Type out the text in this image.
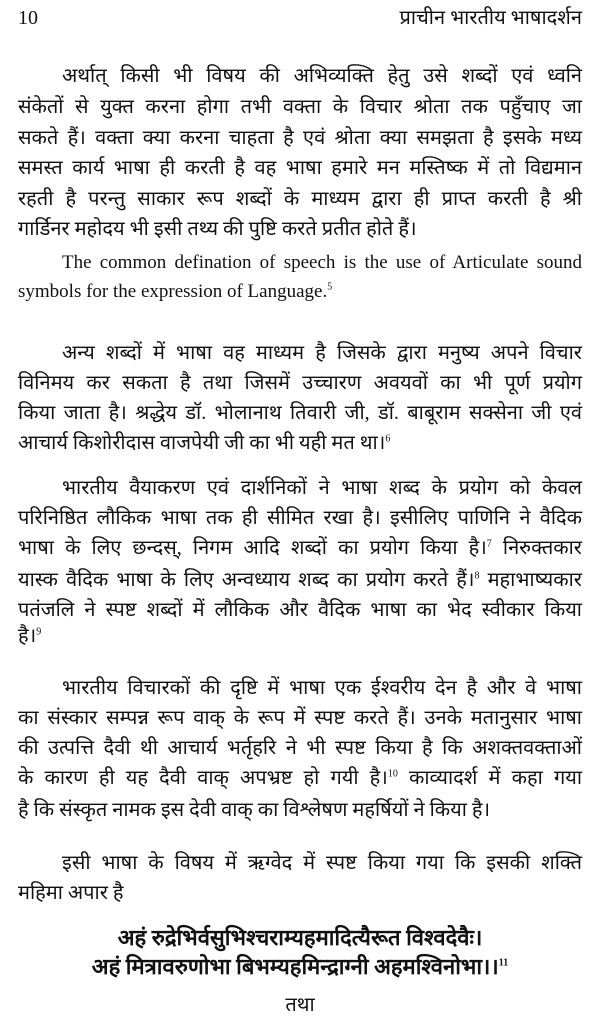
10	प्राचीन भारतीय भाषादर्शन
अर्थात् किसी भी विषय की अभिव्यक्ति हेतु उसे शब्दों एवं ध्वनि
संकेतों से युक्त करना होगा तभी वक्ता के विचार श्रोता तक पहुँचाए जा
सकते हैं। वक्ता क्या करना चाहता है एवं श्रोता क्या समझता है इसके मध्य
समस्त कार्य भाषा ही करती है वह भाषा हमारे मन मस्तिष्क में तो विद्यमान
रहती है परन्तु साकार रूप शब्दों के माध्यम द्वारा ही प्राप्त करती है श्री
गार्डिनर महोदय भी इसी तथ्य की पुष्टि करते प्रतीत होते हैं।
The common defination of speech is the use of Articulate sound
symbols for the expression of Language.$^5$
अन्य शब्दों में भाषा वह माध्यम है जिसके द्वारा मनुष्य अपने विचार
विनिमय कर सकता है तथा जिसमें उच्चारण अवयवों का भी पूर्ण प्रयोग
किया जाता है। श्रद्धेय डॉ. भोलानाथ तिवारी जी, डॉ. बाबूराम सक्सेना जी एवं
आचार्य किशोरीदास वाजपेयी जी का भी यही मत था।$^6$
भारतीय वैयाकरण एवं दार्शनिकों ने भाषा शब्द के प्रयोग को केवल
परिनिष्ठित लौकिक भाषा तक ही सीमित रखा है। इसीलिए पाणिनि ने वैदिक
भाषा के लिए छन्दस्, निगम आदि शब्दों का प्रयोग किया है।$^7$ निरुक्तकार
यास्क वैदिक भाषा के लिए अन्वध्याय शब्द का प्रयोग करते हैं।$^8$ महाभाष्यकार
पतंजलि ने स्पष्ट शब्दों में लौकिक और वैदिक भाषा का भेद स्वीकार किया
है।$^9$
भारतीय विचारकों की दृष्टि में भाषा एक ईश्वरीय देन है और वे भाषा
का संस्कार सम्पन्न रूप वाक् के रूप में स्पष्ट करते हैं। उनके मतानुसार भाषा
की उत्पत्ति दैवी थी आचार्य भर्तृहरि ने भी स्पष्ट किया है कि अशक्तवक्ताओं
के कारण ही यह दैवी वाक् अपभ्रष्ट हो गयी है।$^{10}$ काव्यादर्श में कहा गया
है कि संस्कृत नामक इस देवी वाक् का विश्लेषण महर्षियों ने किया है।
इसी भाषा के विषय में ऋग्वेद में स्पष्ट किया गया कि इसकी शक्ति
महिमा अपार है
अहं रुद्रेभिर्वसुभिश्चराम्यहमादित्यैरूत विश्वदेवैः।
अहं मित्रावरुणोभा बिभम्यहमिन्द्राग्नी अहमश्विनोभा।।$^{11}$
तथा
